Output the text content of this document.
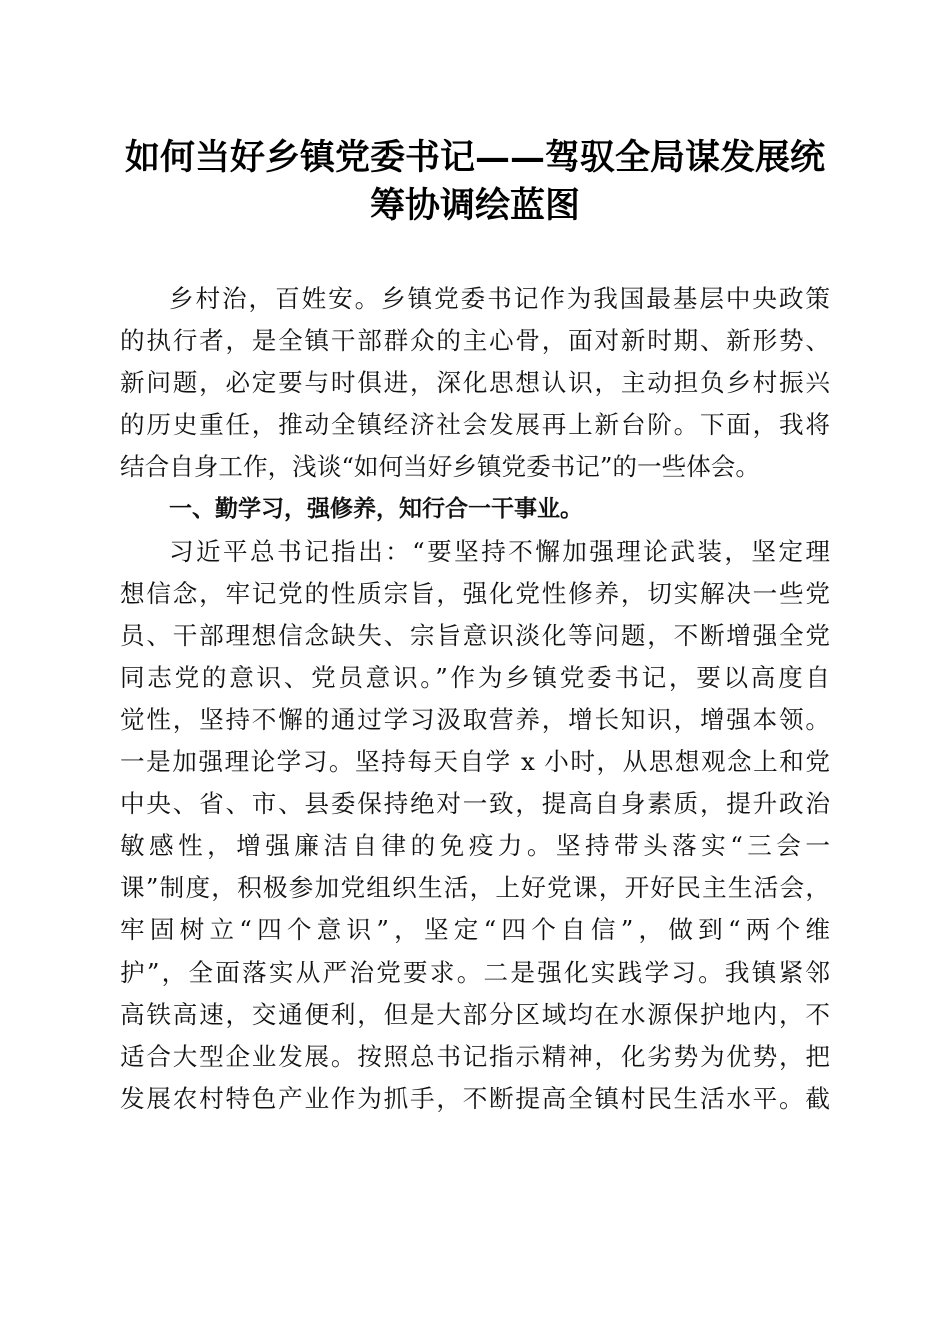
如何当好乡镇党委书记——驾驭全局谋发展统
筹协调绘蓝图
乡村治，百姓安。乡镇党委书记作为我国最基层中央政策
的执行者，是全镇干部群众的主心骨，面对新时期、新形势、
新问题，必定要与时俱进，深化思想认识，主动担负乡村振兴
的历史重任，推动全镇经济社会发展再上新台阶。下面，我将
结合自身工作，浅谈“如何当好乡镇党委书记”的一些体会。
一、勤学习，强修养，知行合一干事业。
习近平总书记指出：“要坚持不懈加强理论武装，坚定理
想信念，牢记党的性质宗旨，强化党性修养，切实解决一些党
员、干部理想信念缺失、宗旨意识淡化等问题，不断增强全党
同志党的意识、党员意识。”作为乡镇党委书记，要以高度自
觉性，坚持不懈的通过学习汲取营养，增长知识，增强本领。
一是加强理论学习。坚持每天自学 x 小时，从思想观念上和党
中央、省、市、县委保持绝对一致，提高自身素质，提升政治
敏感性，增强廉洁自律的免疫力。坚持带头落实“三会一
课”制度，积极参加党组织生活，上好党课，开好民主生活会，
牢固树立“四个意识”，坚定“四个自信”，做到“两个维
护”，全面落实从严治党要求。二是强化实践学习。我镇紧邻
高铁高速，交通便利，但是大部分区域均在水源保护地内，不
适合大型企业发展。按照总书记指示精神，化劣势为优势，把
发展农村特色产业作为抓手，不断提高全镇村民生活水平。截
